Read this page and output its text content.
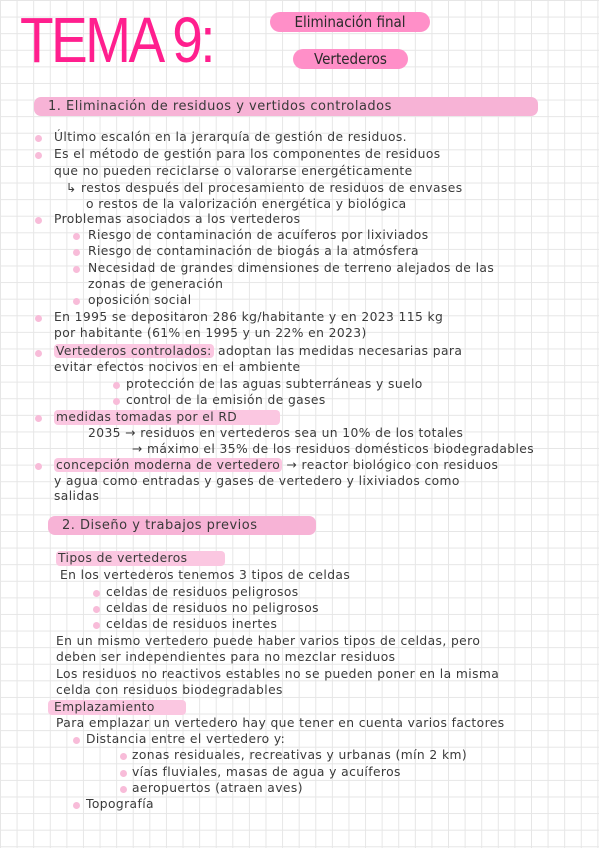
TEMA 9:	Eliminación final
Vertederos
1. Eliminación de residuos y vertidos controlados
Último escalón en la jerarquía de gestión de residuos.
Es el método de gestión para los componentes de residuos
que no pueden reciclarse o valorarse energéticamente
↳ restos después del procesamiento de residuos de envases
o restos de la valorización energética y biológica
Problemas asociados a los vertederos
Riesgo de contaminación de acuíferos por lixiviados
Riesgo de contaminación de biogás a la atmósfera
Necesidad de grandes dimensiones de terreno alejados de las
zonas de generación
oposición social
En 1995 se depositaron 286 kg/habitante y en 2023 115 kg
por habitante (61% en 1995 y un 22% en 2023)
Vertederos controlados: adoptan las medidas necesarias para
evitar efectos nocivos en el ambiente
protección de las aguas subterráneas y suelo
control de la emisión de gases
medidas tomadas por el RD
2035 → residuos en vertederos sea un 10% de los totales
→ máximo el 35% de los residuos domésticos biodegradables
concepción moderna de vertedero → reactor biológico con residuos
y agua como entradas y gases de vertedero y lixiviados como
salidas
2. Diseño y trabajos previos
Tipos de vertederos
En los vertederos tenemos 3 tipos de celdas
celdas de residuos peligrosos
celdas de residuos no peligrosos
celdas de residuos inertes
En un mismo vertedero puede haber varios tipos de celdas, pero
deben ser independientes para no mezclar residuos
Los residuos no reactivos estables no se pueden poner en la misma
celda con residuos biodegradables
Emplazamiento
Para emplazar un vertedero hay que tener en cuenta varios factores
Distancia entre el vertedero y:
zonas residuales, recreativas y urbanas (mín 2 km)
vías fluviales, masas de agua y acuíferos
aeropuertos (atraen aves)
Topografía
